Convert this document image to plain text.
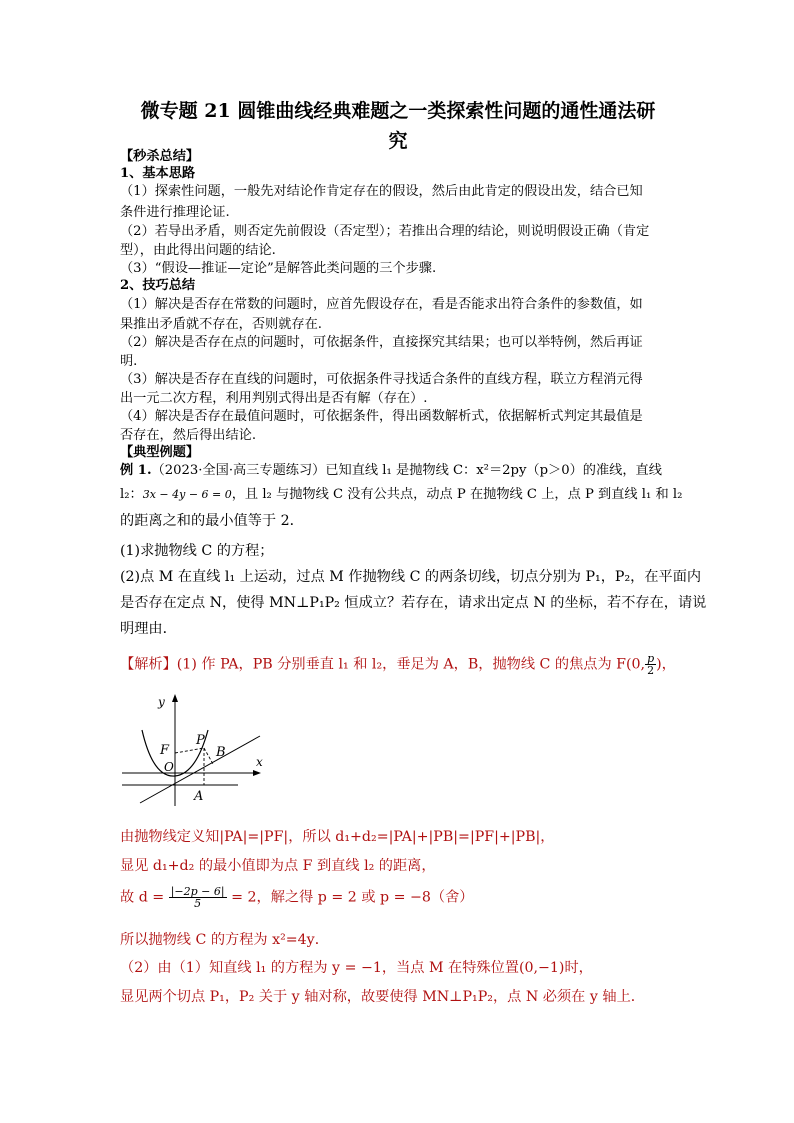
微专题 21 圆锥曲线经典难题之一类探索性问题的通性通法研
究
【秒杀总结】
1、基本思路
（1）探索性问题，一般先对结论作肯定存在的假设，然后由此肯定的假设出发，结合已知
条件进行推理论证.
（2）若导出矛盾，则否定先前假设（否定型）；若推出合理的结论，则说明假设正确（肯定
型），由此得出问题的结论.
（3）“假设—推证—定论”是解答此类问题的三个步骤.
2、技巧总结
（1）解决是否存在常数的问题时，应首先假设存在，看是否能求出符合条件的参数值，如
果推出矛盾就不存在，否则就存在.
（2）解决是否存在点的问题时，可依据条件，直接探究其结果；也可以举特例，然后再证
明.
（3）解决是否存在直线的问题时，可依据条件寻找适合条件的直线方程，联立方程消元得
出一元二次方程，利用判别式得出是否有解（存在）.
（4）解决是否存在最值问题时，可依据条件，得出函数解析式，依据解析式判定其最值是
否存在，然后得出结论.
【典型例题】
例 1.（2023·全国·高三专题练习）已知直线 l₁ 是抛物线 C：x²＝2py（p＞0）的准线，直线
l₂：3x − 4y − 6 = 0，且 l₂ 与抛物线 C 没有公共点，动点 P 在抛物线 C 上，点 P 到直线 l₁ 和 l₂
的距离之和的最小值等于 2．
(1)求抛物线 C 的方程；
(2)点 M 在直线 l₁ 上运动，过点 M 作抛物线 C 的两条切线，切点分别为 P₁，P₂，在平面内
是否存在定点 N，使得 MN⊥P₁P₂ 恒成立？若存在，请求出定点 N 的坐标，若不存在，请说
明理由．
【解析】(1) 作 PA，PB 分别垂直 l₁ 和 l₂，垂足为 A，B，抛物线 C 的焦点为 F(0, $\frac{p}{2}$ )，
y
x
F
P
B
O
A
由抛物线定义知|PA|=|PF|，所以 d₁+d₂=|PA|+|PB|=|PF|+|PB|，
显见 d₁+d₂ 的最小值即为点 F 到直线 l₂ 的距离，
故 $d = \frac{|-2p - 6|}{5} = 2$，解之得 p = 2 或 p = −8（舍）
所以抛物线 C 的方程为 x²=4y．
（2）由（1）知直线 l₁ 的方程为 y = −1，当点 M 在特殊位置(0,−1)时，
显见两个切点 P₁，P₂ 关于 y 轴对称，故要使得 MN⊥P₁P₂，点 N 必须在 y 轴上．
